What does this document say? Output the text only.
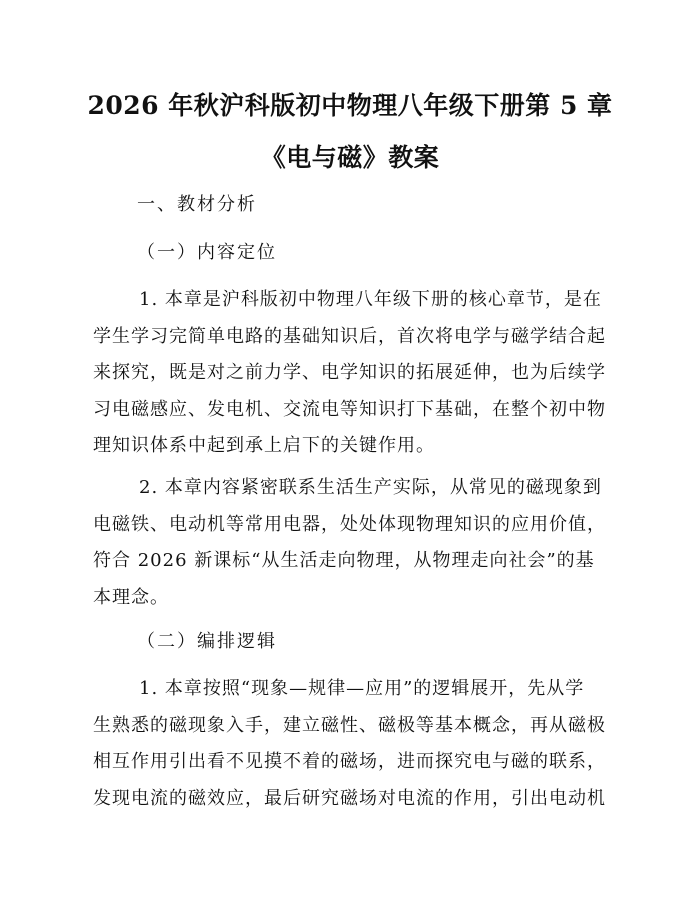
2026 年秋沪科版初中物理八年级下册第 5 章
《电与磁》教案
一、教材分析
（一）内容定位
1. 本章是沪科版初中物理八年级下册的核心章节，是在
学生学习完简单电路的基础知识后，首次将电学与磁学结合起
来探究，既是对之前力学、电学知识的拓展延伸，也为后续学
习电磁感应、发电机、交流电等知识打下基础，在整个初中物
理知识体系中起到承上启下的关键作用。
2. 本章内容紧密联系生活生产实际，从常见的磁现象到
电磁铁、电动机等常用电器，处处体现物理知识的应用价值，
符合 2026 新课标“从生活走向物理，从物理走向社会”的基
本理念。
（二）编排逻辑
1. 本章按照“现象—规律—应用”的逻辑展开，先从学
生熟悉的磁现象入手，建立磁性、磁极等基本概念，再从磁极
相互作用引出看不见摸不着的磁场，进而探究电与磁的联系，
发现电流的磁效应，最后研究磁场对电流的作用，引出电动机
